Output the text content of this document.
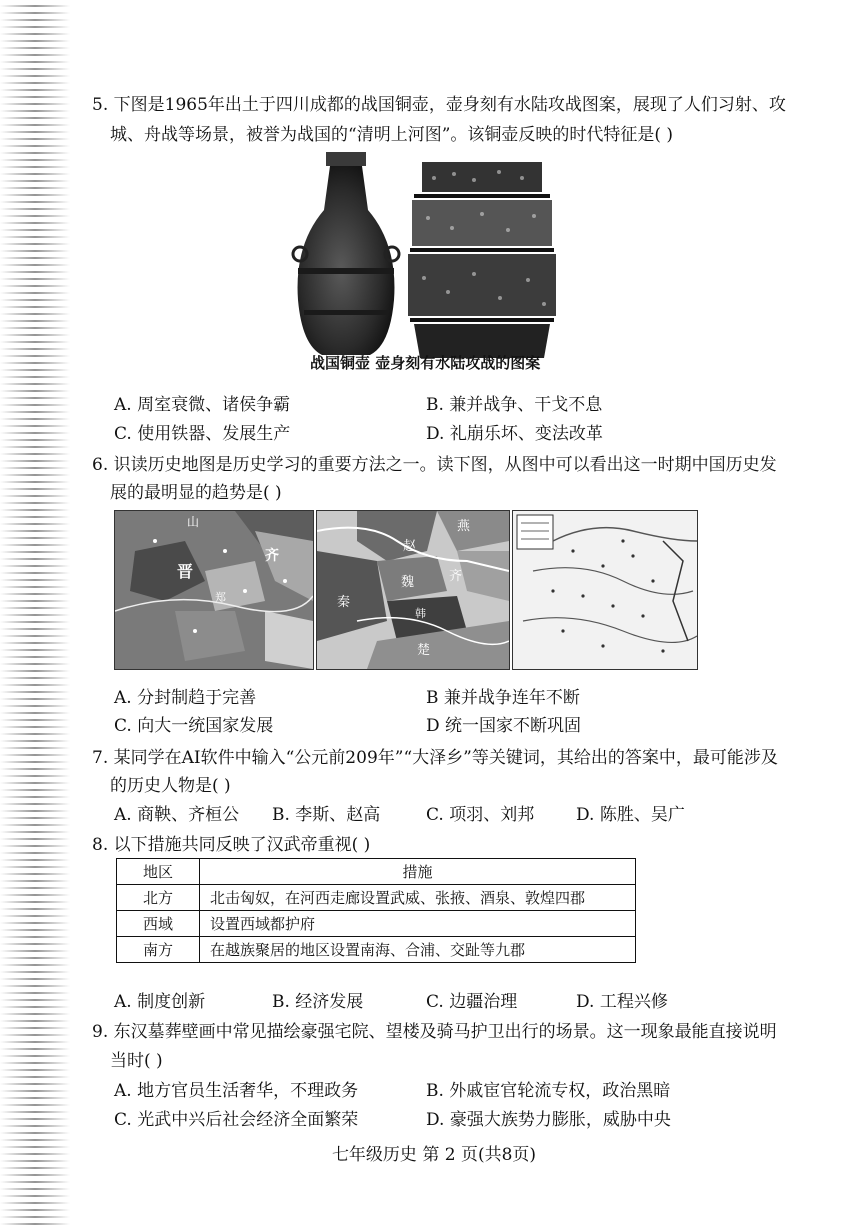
5. 下图是1965年出土于四川成都的战国铜壶，壶身刻有水陆攻战图案，展现了人们习射、攻
城、舟战等场景，被誉为战国的“清明上河图”。该铜壶反映的时代特征是( )
战国铜壶 壶身刻有水陆攻战的图案
A. 周室衰微、诸侯争霸	B. 兼并战争、干戈不息
C. 使用铁器、发展生产	D. 礼崩乐坏、变法改革
6. 识读历史地图是历史学习的重要方法之一。读下图，从图中可以看出这一时期中国历史发
展的最明显的趋势是( )
山
晋
齐
郑
赵
燕
齐
魏
韩
楚
秦
A. 分封制趋于完善	B 兼并战争连年不断
C. 向大一统国家发展	D 统一国家不断巩固
7. 某同学在AI软件中输入“公元前209年”“大泽乡”等关键词，其给出的答案中，最可能涉及
的历史人物是( )
A. 商鞅、齐桓公 B. 李斯、赵高	C. 项羽、刘邦 D. 陈胜、吴广
8. 以下措施共同反映了汉武帝重视( )
地区	措施
北方	北击匈奴，在河西走廊设置武威、张掖、酒泉、敦煌四郡
西域	设置西域都护府
南方	在越族聚居的地区设置南海、合浦、交趾等九郡
A. 制度创新	B. 经济发展	C. 边疆治理	D. 工程兴修
9. 东汉墓葬壁画中常见描绘豪强宅院、望楼及骑马护卫出行的场景。这一现象最能直接说明
当时( )
A. 地方官员生活奢华，不理政务	B. 外戚宦官轮流专权，政治黑暗
C. 光武中兴后社会经济全面繁荣	D. 豪强大族势力膨胀，威胁中央
七年级历史 第 2 页(共8页)
